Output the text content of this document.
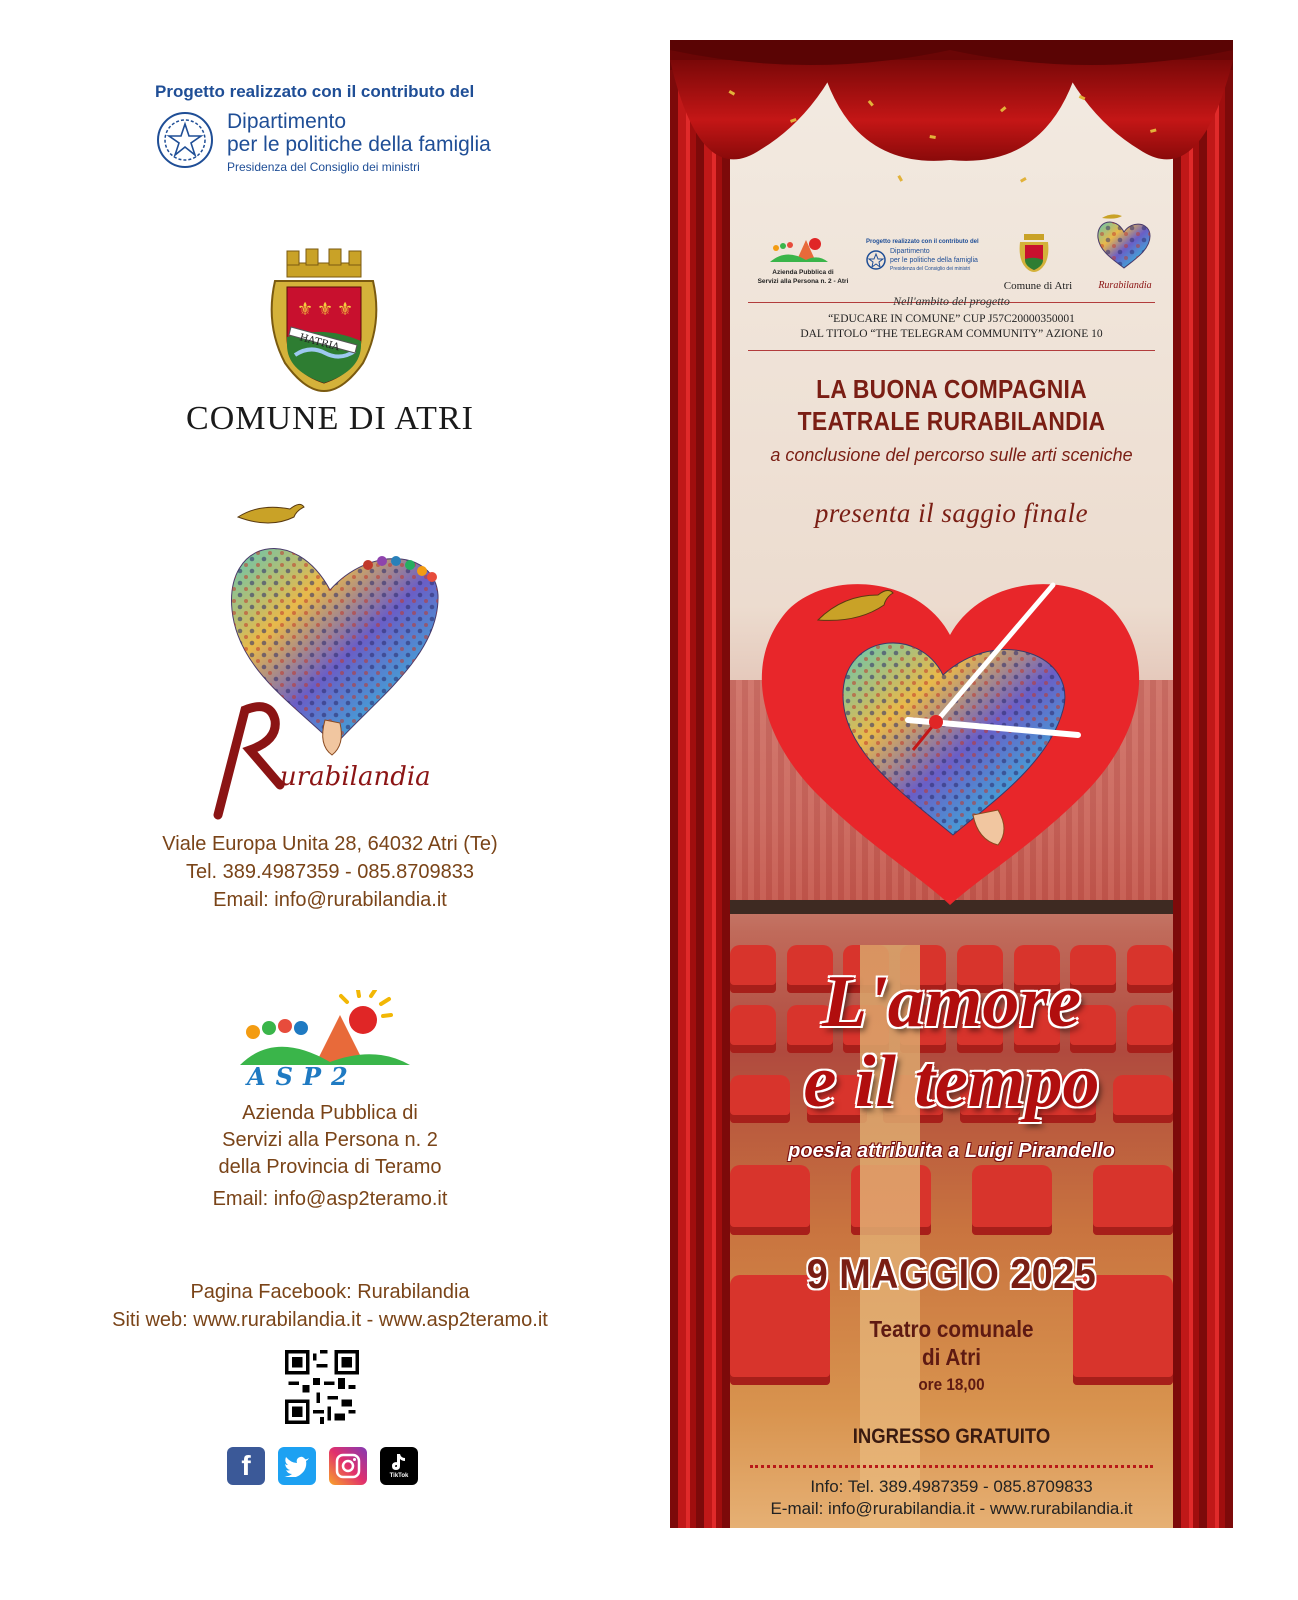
Progetto realizzato con il contributo del
Dipartimento
per le politiche della famiglia
Presidenza del Consiglio dei ministri
⚜ ⚜ ⚜
HATRIA
COMUNE DI ATRI
urabilandia
Viale Europa Unita 28, 64032 Atri (Te)
Tel. 389.4987359 - 085.8709833
Email: info@rurabilandia.it
ASP2
Azienda Pubblica di
Servizi alla Persona n. 2
della Provincia di Teramo
Email: info@asp2teramo.it
Pagina Facebook: Rurabilandia
Siti web: www.rurabilandia.it - www.asp2teramo.it
f	TikTok
Azienda Pubblica di
Servizi alla Persona n. 2 - Atri
Progetto realizzato con il contributo del
Dipartimento
per le politiche della famiglia
Presidenza del Consiglio dei ministri
Comune di Atri	Rurabilandia
Nell'ambito del progetto
“EDUCARE IN COMUNE” CUP J57C20000350001
DAL TITOLO “THE TELEGRAM COMMUNITY” AZIONE 10
LA BUONA COMPAGNIA
TEATRALE RURABILANDIA
a conclusione del percorso sulle arti sceniche
presenta il saggio finale
L'amore
e il tempo
poesia attribuita a Luigi Pirandello
9 MAGGIO 2025
Teatro comunale
di Atri
ore 18,00
INGRESSO GRATUITO
Info: Tel. 389.4987359 - 085.8709833
E-mail: info@rurabilandia.it - www.rurabilandia.it
